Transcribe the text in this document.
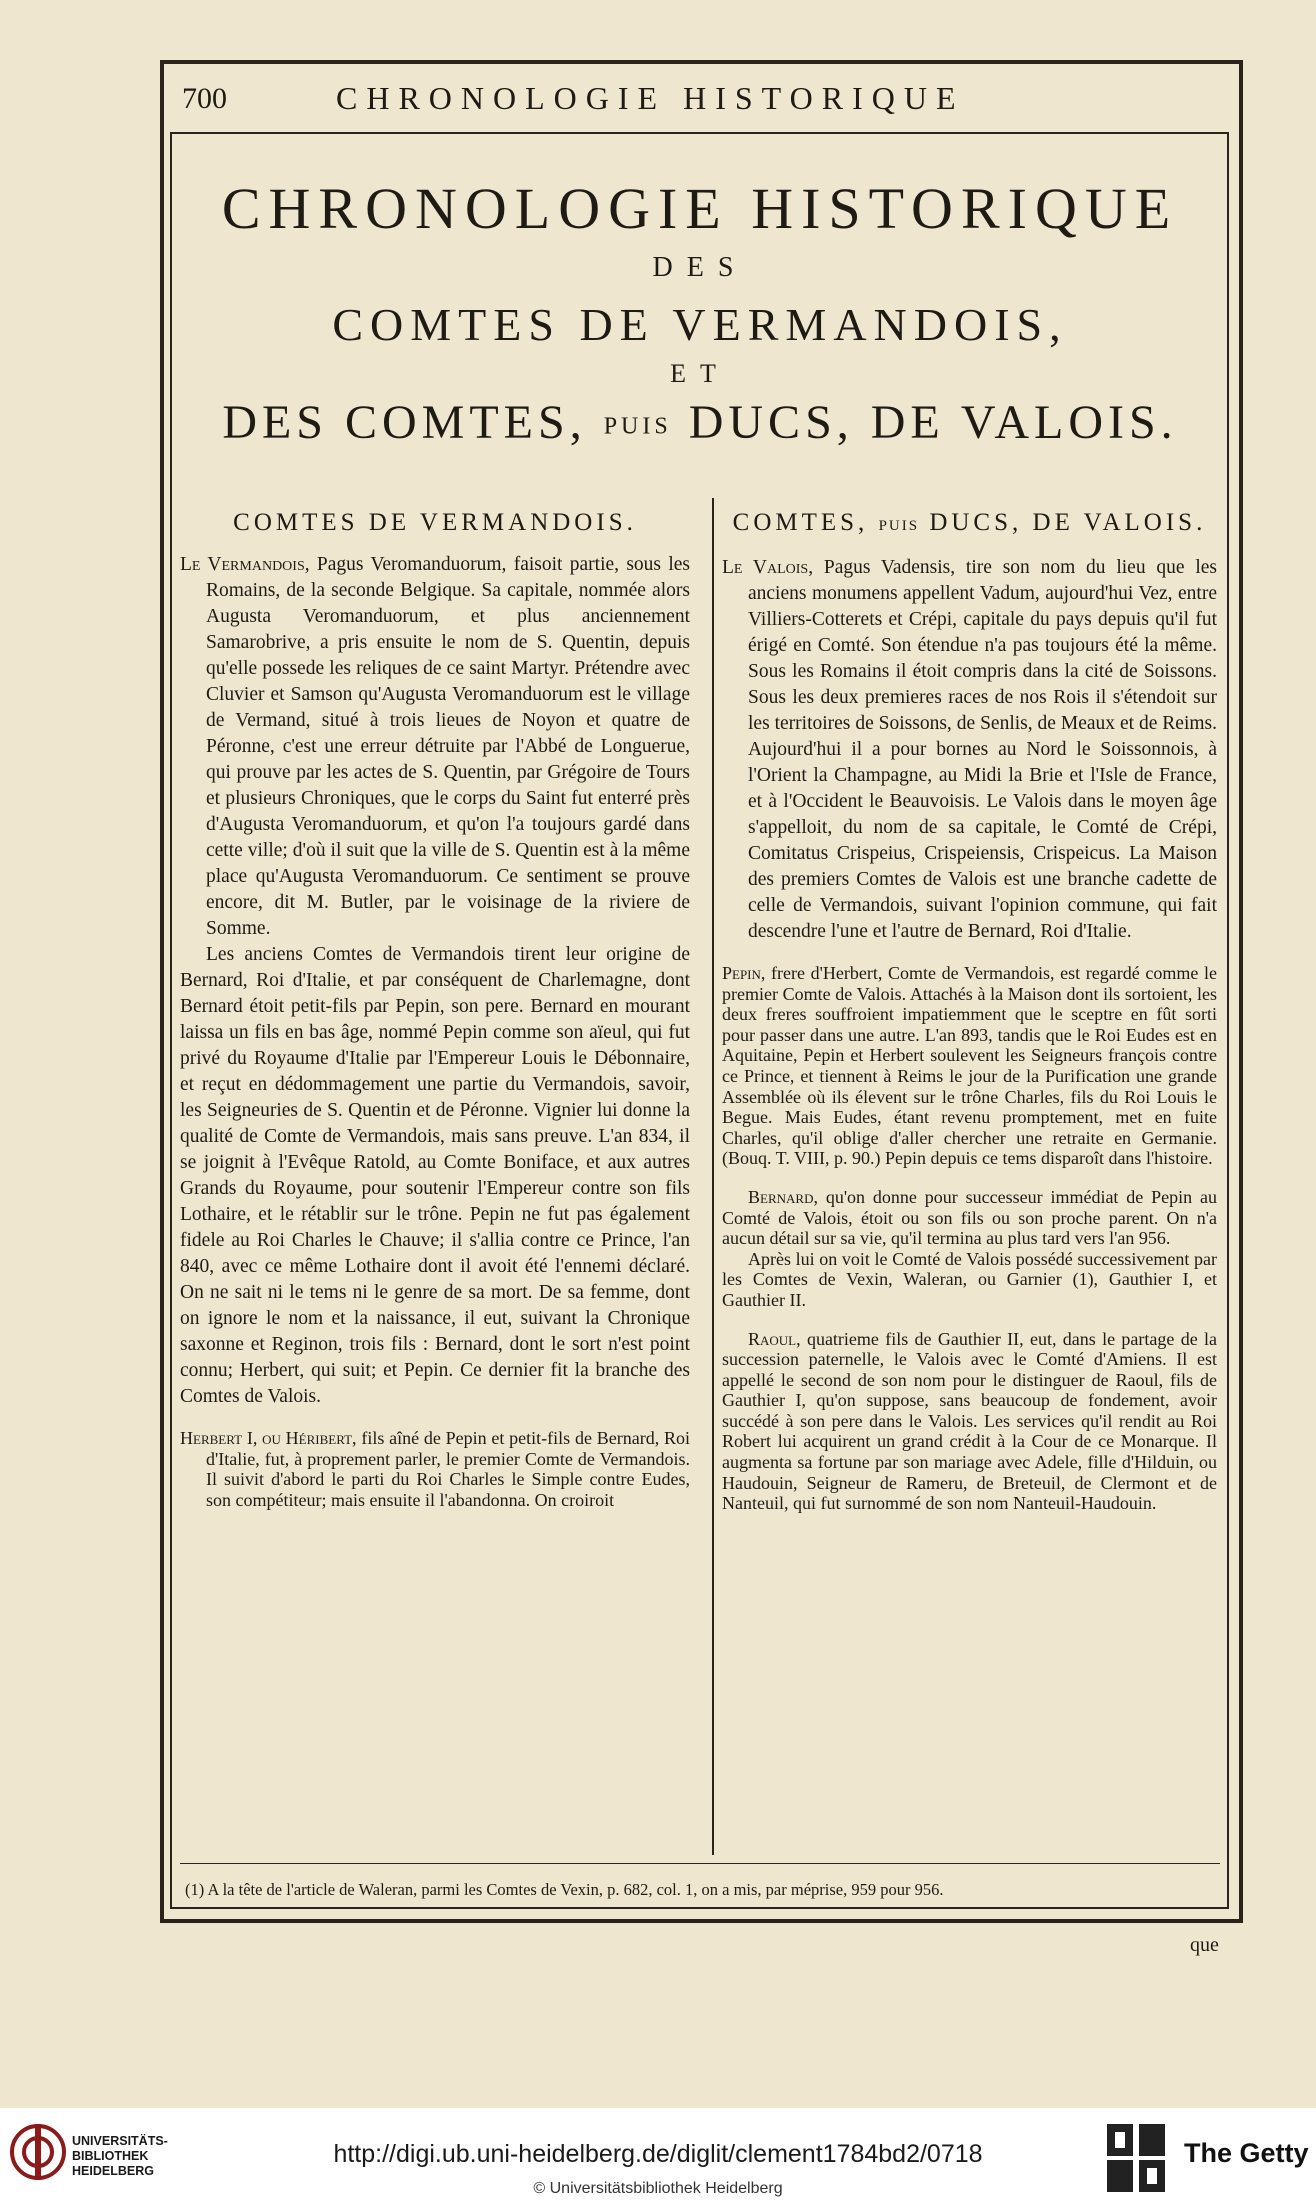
700	CHRONOLOGIE HISTORIQUE
CHRONOLOGIE HISTORIQUE
DES
COMTES DE VERMANDOIS,
ET
DES COMTES, PUIS DUCS, DE VALOIS.
COMTES DE VERMANDOIS.

Le Vermandois, Pagus Veromanduorum, faisoit partie, sous les Romains, de la seconde Belgique. Sa capitale, nommée alors Augusta Veromanduorum, et plus anciennement Samarobrive, a pris ensuite le nom de S. Quentin, depuis qu'elle possede les reliques de ce saint Martyr. Prétendre avec Cluvier et Samson qu'Augusta Veromanduorum est le village de Vermand, situé à trois lieues de Noyon et quatre de Péronne, c'est une erreur détruite par l'Abbé de Longuerue, qui prouve par les actes de S. Quentin, par Grégoire de Tours et plusieurs Chroniques, que le corps du Saint fut enterré près d'Augusta Veromanduorum, et qu'on l'a toujours gardé dans cette ville; d'où il suit que la ville de S. Quentin est à la même place qu'Augusta Veromanduorum. Ce sentiment se prouve encore, dit M. Butler, par le voisinage de la riviere de Somme.

Les anciens Comtes de Vermandois tirent leur origine de Bernard, Roi d'Italie, et par conséquent de Charlemagne, dont Bernard étoit petit-fils par Pepin, son pere. Bernard en mourant laissa un fils en bas âge, nommé Pepin comme son aïeul, qui fut privé du Royaume d'Italie par l'Empereur Louis le Débonnaire, et reçut en dédommagement une partie du Vermandois, savoir, les Seigneuries de S. Quentin et de Péronne. Vignier lui donne la qualité de Comte de Vermandois, mais sans preuve. L'an 834, il se joignit à l'Evêque Ratold, au Comte Boniface, et aux autres Grands du Royaume, pour soutenir l'Empereur contre son fils Lothaire, et le rétablir sur le trône. Pepin ne fut pas également fidele au Roi Charles le Chauve; il s'allia contre ce Prince, l'an 840, avec ce même Lothaire dont il avoit été l'ennemi déclaré. On ne sait ni le tems ni le genre de sa mort. De sa femme, dont on ignore le nom et la naissance, il eut, suivant la Chronique saxonne et Reginon, trois fils : Bernard, dont le sort n'est point connu; Herbert, qui suit; et Pepin. Ce dernier fit la branche des Comtes de Valois.

Herbert I, ou Héribert, fils aîné de Pepin et petit-fils de Bernard, Roi d'Italie, fut, à proprement parler, le premier Comte de Vermandois. Il suivit d'abord le parti du Roi Charles le Simple contre Eudes, son compétiteur; mais ensuite il l'abandonna. On croiroit

COMTES, PUIS DUCS, DE VALOIS.

Le Valois, Pagus Vadensis, tire son nom du lieu que les anciens monumens appellent Vadum, aujourd'hui Vez, entre Villiers-Cotterets et Crépi, capitale du pays depuis qu'il fut érigé en Comté. Son étendue n'a pas toujours été la même. Sous les Romains il étoit compris dans la cité de Soissons. Sous les deux premieres races de nos Rois il s'étendoit sur les territoires de Soissons, de Senlis, de Meaux et de Reims. Aujourd'hui il a pour bornes au Nord le Soissonnois, à l'Orient la Champagne, au Midi la Brie et l'Isle de France, et à l'Occident le Beauvoisis. Le Valois dans le moyen âge s'appelloit, du nom de sa capitale, le Comté de Crépi, Comitatus Crispeius, Crispeiensis, Crispeicus. La Maison des premiers Comtes de Valois est une branche cadette de celle de Vermandois, suivant l'opinion commune, qui fait descendre l'une et l'autre de Bernard, Roi d'Italie.

Pepin, frere d'Herbert, Comte de Vermandois, est regardé comme le premier Comte de Valois. Attachés à la Maison dont ils sortoient, les deux freres souffroient impatiemment que le sceptre en fût sorti pour passer dans une autre. L'an 893, tandis que le Roi Eudes est en Aquitaine, Pepin et Herbert soulevent les Seigneurs françois contre ce Prince, et tiennent à Reims le jour de la Purification une grande Assemblée où ils élevent sur le trône Charles, fils du Roi Louis le Begue. Mais Eudes, étant revenu promptement, met en fuite Charles, qu'il oblige d'aller chercher une retraite en Germanie. (Bouq. T. VIII, p. 90.) Pepin depuis ce tems disparoît dans l'histoire.

Bernard, qu'on donne pour successeur immédiat de Pepin au Comté de Valois, étoit ou son fils ou son proche parent. On n'a aucun détail sur sa vie, qu'il termina au plus tard vers l'an 956.

Après lui on voit le Comté de Valois possédé successivement par les Comtes de Vexin, Waleran, ou Garnier (1), Gauthier I, et Gauthier II.

Raoul, quatrieme fils de Gauthier II, eut, dans le partage de la succession paternelle, le Valois avec le Comté d'Amiens. Il est appellé le second de son nom pour le distinguer de Raoul, fils de Gauthier I, qu'on suppose, sans beaucoup de fondement, avoir succédé à son pere dans le Valois. Les services qu'il rendit au Roi Robert lui acquirent un grand crédit à la Cour de ce Monarque. Il augmenta sa fortune par son mariage avec Adele, fille d'Hilduin, ou Haudouin, Seigneur de Rameru, de Breteuil, de Clermont et de Nanteuil, qui fut surnommé de son nom Nanteuil-Haudouin.

(1) A la tête de l'article de Waleran, parmi les Comtes de Vexin, p. 682, col. 1, on a mis, par méprise, 959 pour 956.
que
UNIVERSITÄTS-
BIBLIOTHEK
HEIDELBERG
http://digi.ub.uni-heidelberg.de/diglit/clement1784bd2/0718
© Universitätsbibliothek Heidelberg
The Getty
